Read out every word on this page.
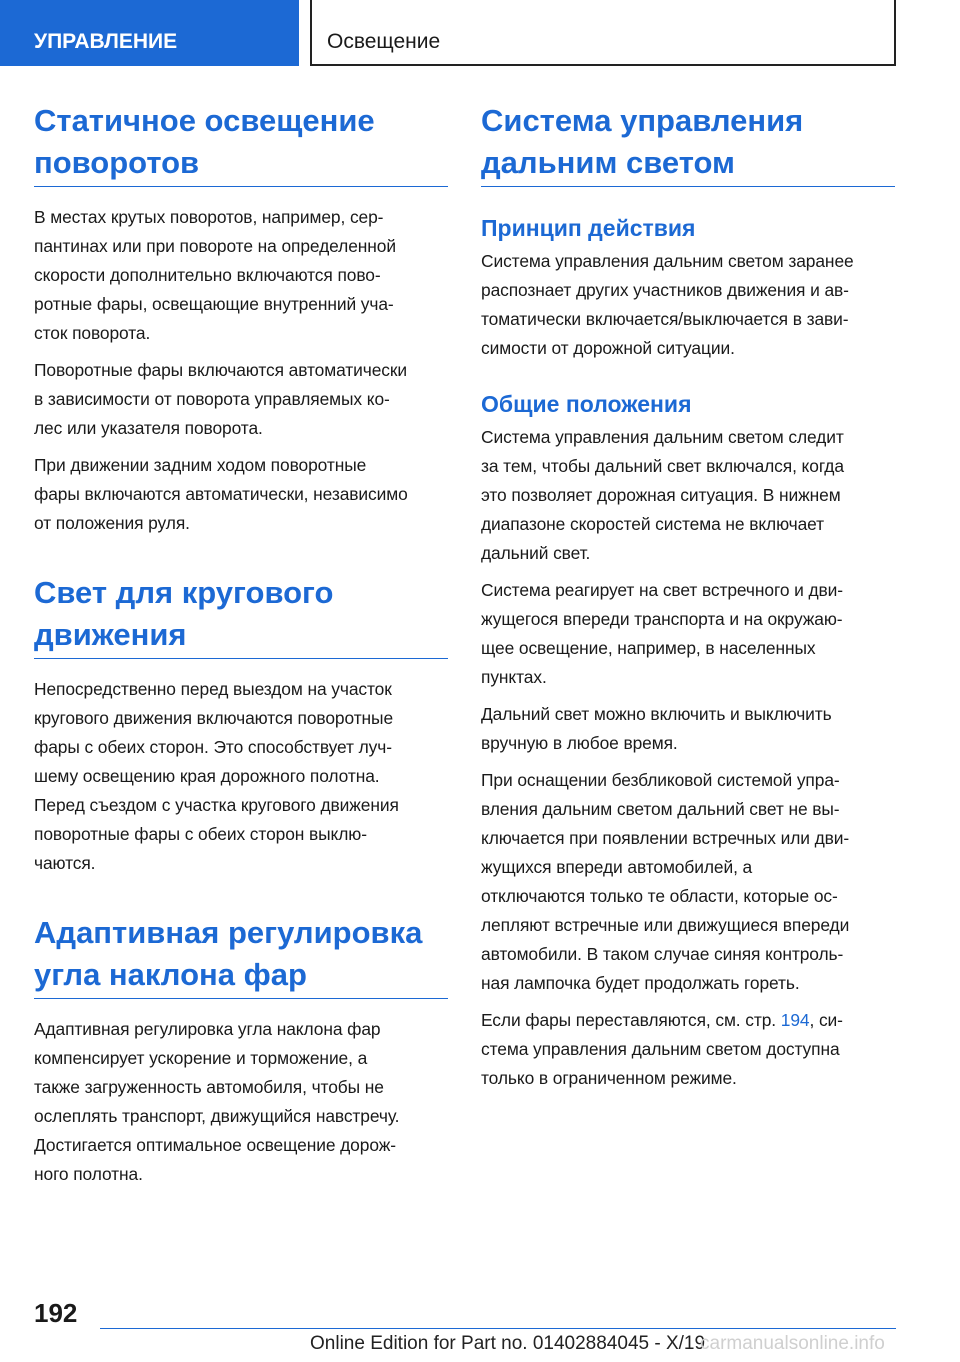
УПРАВЛЕНИЕ	Освещение
Статичное освещение
поворотов

В местах крутых поворотов, например, сер-
пантинах или при повороте на определенной
скорости дополнительно включаются пово-
ротные фары, освещающие внутренний уча-
сток поворота.

Поворотные фары включаются автоматически
в зависимости от поворота управляемых ко-
лес или указателя поворота.

При движении задним ходом поворотные
фары включаются автоматически, независимо
от положения руля.

Свет для кругового
движения

Непосредственно перед выездом на участок
кругового движения включаются поворотные
фары с обеих сторон. Это способствует луч-
шему освещению края дорожного полотна.
Перед съездом с участка кругового движения
поворотные фары с обеих сторон выклю-
чаются.

Адаптивная регулировка
угла наклона фар

Адаптивная регулировка угла наклона фар
компенсирует ускорение и торможение, а
также загруженность автомобиля, чтобы не
ослеплять транспорт, движущийся навстречу.
Достигается оптимальное освещение дорож-
ного полотна.

Система управления
дальним светом
Принцип действия

Система управления дальним светом заранее
распознает других участников движения и ав-
томатически включается/выключается в зави-
симости от дорожной ситуации.

Общие положения

Система управления дальним светом следит
за тем, чтобы дальний свет включался, когда
это позволяет дорожная ситуация. В нижнем
диапазоне скоростей система не включает
дальний свет.

Система реагирует на свет встречного и дви-
жущегося впереди транспорта и на окружаю-
щее освещение, например, в населенных
пунктах.

Дальний свет можно включить и выключить
вручную в любое время.

При оснащении безбликовой системой упра-
вления дальним светом дальний свет не вы-
ключается при появлении встречных или дви-
жущихся впереди автомобилей, а
отключаются только те области, которые ос-
лепляют встречные или движущиеся впереди
автомобили. В таком случае синяя контроль-
ная лампочка будет продолжать гореть.

Если фары переставляются, см. стр. 194, си-
стема управления дальним светом доступна
только в ограниченном режиме.

192
Online Edition for Part no. 01402884045 - X/19
carmanualsonline.info
